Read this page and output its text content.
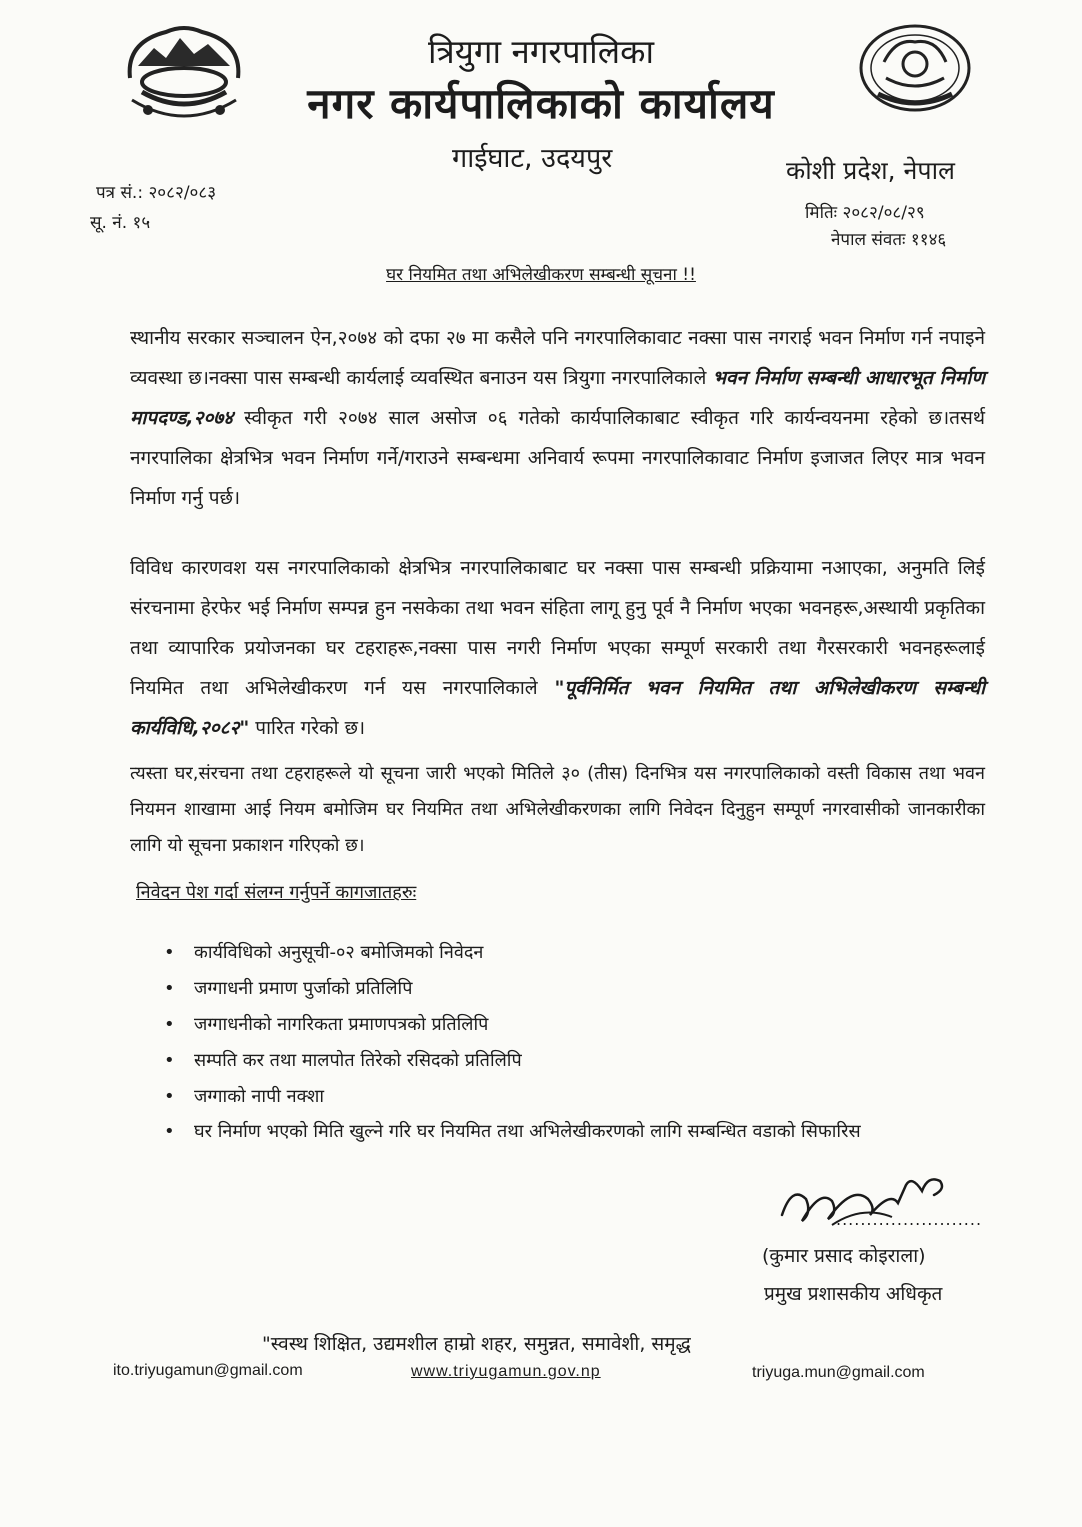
त्रियुगा नगरपालिका
नगर कार्यपालिकाको कार्यालय
गाईघाट, उदयपुर	कोशी प्रदेश, नेपाल
पत्र सं.: २०८२/०८३
सू. नं. १५	मितिः २०८२/०८/२९
नेपाल संवतः ११४६
घर नियमित तथा अभिलेखीकरण सम्बन्धी सूचना !!
स्थानीय सरकार सञ्चालन ऐन,२०७४ को दफा २७ मा कसैले पनि नगरपालिकावाट नक्सा पास नगराई भवन निर्माण गर्न नपाइने व्यवस्था छ।नक्सा पास सम्बन्धी कार्यलाई व्यवस्थित बनाउन यस त्रियुगा नगरपालिकाले भवन निर्माण सम्बन्धी आधारभूत निर्माण मापदण्ड,२०७४ स्वीकृत गरी २०७४ साल असोज ०६ गतेको कार्यपालिकाबाट स्वीकृत गरि कार्यन्वयनमा रहेको छ।तसर्थ नगरपालिका क्षेत्रभित्र भवन निर्माण गर्ने/गराउने सम्बन्धमा अनिवार्य रूपमा नगरपालिकावाट निर्माण इजाजत लिएर मात्र भवन निर्माण गर्नु पर्छ।
विविध कारणवश यस नगरपालिकाको क्षेत्रभित्र नगरपालिकाबाट घर नक्सा पास सम्बन्धी प्रक्रियामा नआएका, अनुमति लिई संरचनामा हेरफेर भई निर्माण सम्पन्न हुन नसकेका तथा भवन संहिता लागू हुनु पूर्व नै निर्माण भएका भवनहरू,अस्थायी प्रकृतिका तथा व्यापारिक प्रयोजनका घर टहराहरू,नक्सा पास नगरी निर्माण भएका सम्पूर्ण सरकारी तथा गैरसरकारी भवनहरूलाई नियमित तथा अभिलेखीकरण गर्न यस नगरपालिकाले "पूर्वनिर्मित भवन नियमित तथा अभिलेखीकरण सम्बन्धी कार्यविधि,२०८२" पारित गरेको छ।
त्यस्ता घर,संरचना तथा टहराहरूले यो सूचना जारी भएको मितिले ३० (तीस) दिनभित्र यस नगरपालिकाको वस्ती विकास तथा भवन नियमन शाखामा आई नियम बमोजिम घर नियमित तथा अभिलेखीकरणका लागि निवेदन दिनुहुन सम्पूर्ण नगरवासीको जानकारीका लागि यो सूचना प्रकाशन गरिएको छ।
निवेदन पेश गर्दा संलग्न गर्नुपर्ने कागजातहरुः
• कार्यविधिको अनुसूची-०२ बमोजिमको निवेदन
• जग्गाधनी प्रमाण पुर्जाको प्रतिलिपि
• जग्गाधनीको नागरिकता प्रमाणपत्रको प्रतिलिपि
• सम्पति कर तथा मालपोत तिरेको रसिदको प्रतिलिपि
• जग्गाको नापी नक्शा
• घर निर्माण भएको मिति खुल्ने गरि घर नियमित तथा अभिलेखीकरणको लागि सम्बन्धित वडाको सिफारिस
........................
(कुमार प्रसाद कोइराला)
प्रमुख प्रशासकीय अधिकृत
"स्वस्थ शिक्षित, उद्यमशील हाम्रो शहर, समुन्नत, समावेशी, समृद्ध
ito.triyugamun@gmail.com	www.triyugamun.gov.np	triyuga.mun@gmail.com
